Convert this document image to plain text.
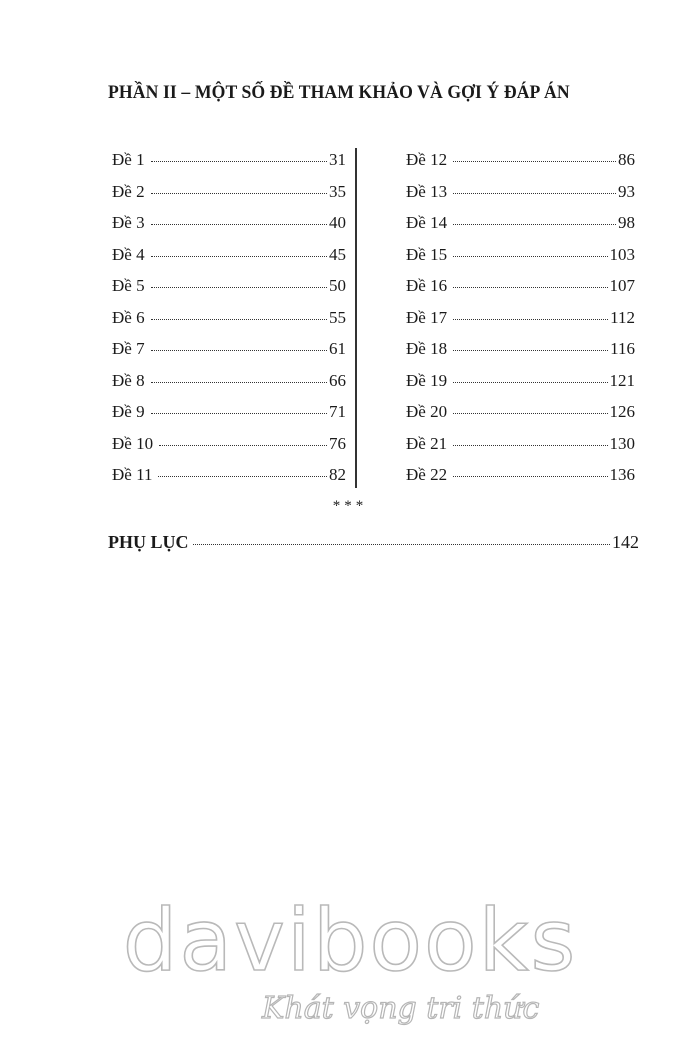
PHẦN II – MỘT SỐ ĐỀ THAM KHẢO VÀ GỢI Ý ĐÁP ÁN
Đề 1	31
Đề 2	35
Đề 3	40
Đề 4	45
Đề 5	50
Đề 6	55
Đề 7	61
Đề 8	66
Đề 9	71
Đề 10	76
Đề 11	82
Đề 12	86
Đề 13	93
Đề 14	98
Đề 15	103
Đề 16	107
Đề 17	112
Đề 18	116
Đề 19	121
Đề 20	126
Đề 21	130
Đề 22	136
***
PHỤ LỤC	142
davibooks
Khát vọng tri thức
